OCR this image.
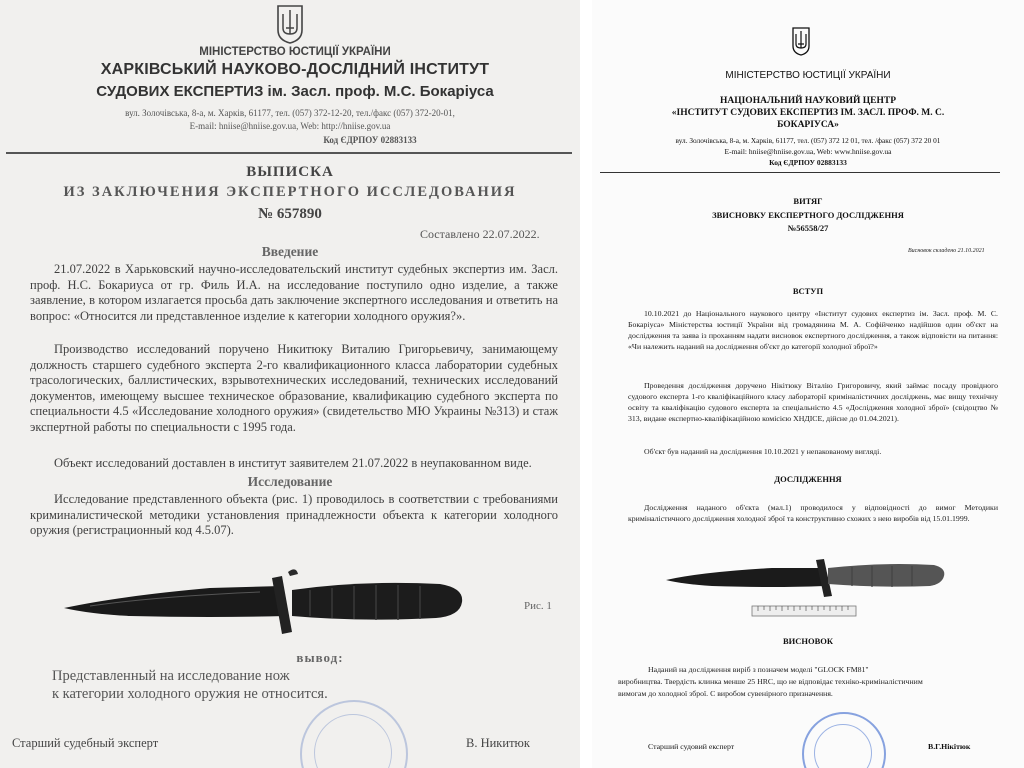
МІНІСТЕРСТВО ЮСТИЦІЇ УКРАЇНИ
ХАРКІВСЬКИЙ НАУКОВО-ДОСЛІДНИЙ ІНСТИТУТ
СУДОВИХ ЕКСПЕРТИЗ ім. Засл. проф. М.С. Бокаріуса
вул. Золочівська, 8-а, м. Харків, 61177, тел. (057) 372-12-20, тел./факс (057) 372-20-01,
E-mail: hniise@hniise.gov.ua, Web: http://hniise.gov.ua
Код ЄДРПОУ 02883133
ВЫПИСКА
ИЗ ЗАКЛЮЧЕНИЯ ЭКСПЕРТНОГО ИССЛЕДОВАНИЯ
№ 657890
Составлено 22.07.2022.
Введение
21.07.2022 в Харьковский научно-исследовательский институт судебных экспертиз им. Засл. проф. Н.С. Бокариуса от гр. Филь И.А. на исследование поступило одно изделие, а также заявление, в котором излагается просьба дать заключение экспертного исследования и ответить на вопрос: «Относится ли представленное изделие к категории холодного оружия?».
Производство исследований поручено Никитюку Виталию Григорьевичу, занимающему должность старшего судебного эксперта 2-го квалификационного класса лаборатории судебных трасологических, баллистических, взрывотехнических исследований, технических исследований документов, имеющему высшее техническое образование, квалификацию судебного эксперта по специальности 4.5 «Исследование холодного оружия» (свидетельство МЮ Украины №313) и стаж экспертной работы по специальности с 1995 года.
Объект исследований доставлен в институт заявителем 21.07.2022 в неупакованном виде.
Исследование
Исследование представленного объекта (рис. 1) проводилось в соответствии с требованиями криминалистической методики установления принадлежности объекта к категории холодного оружия (регистрационный код 4.5.07).
Рис. 1
вывод:
Представленный на исследование нож
к категории холодного оружия не относится.
Старший судебный эксперт	В. Никитюк
МІНІСТЕРСТВО ЮСТИЦІЇ УКРАЇНИ
НАЦІОНАЛЬНИЙ НАУКОВИЙ ЦЕНТР
«ІНСТИТУТ СУДОВИХ ЕКСПЕРТИЗ ІМ. ЗАСЛ. ПРОФ. М. С.
БОКАРІУСА»
вул. Золочівська, 8-а, м. Харків, 61177, тел. (057) 372 12 01, тел. /факс (057) 372 20 01
E-mail: hniise@hniise.gov.ua, Web: www.hniise.gov.ua
Код ЄДРПОУ 02883133
ВИТЯГ
ЗВИСНОВКУ ЕКСПЕРТНОГО ДОСЛІДЖЕННЯ
№56558/27
Висновок складено 21.10.2021
ВСТУП
10.10.2021 до Національного наукового центру «Інститут судових експертиз ім. Засл. проф. М. С. Бокаріуса» Міністерства юстиції України від громадянина М. А. Софійченко надійшов один об'єкт на дослідження та заява із проханням надати висновок експертного дослідження, а також відповісти на питання: «Чи належить наданий на дослідження об'єкт до категорії холодної зброї?»
Проведення дослідження доручено Нікітюку Віталію Григоровичу, який займає посаду провідного судового експерта 1-го кваліфікаційного класу лабораторії криміналістичних досліджень, має вищу технічну освіту та кваліфікацію судового експерта за спеціальністю 4.5 «Дослідження холодної зброї» (свідоцтво № 313, видане експертно-кваліфікаційною комісією ХНДІСЕ, дійсне до 01.04.2021).
Об'єкт був наданий на дослідження 10.10.2021 у непакованому вигляді.
ДОСЛІДЖЕННЯ
Дослідження наданого об'єкта (мал.1) проводилося у відповідності до вимог Методики криміналістичного дослідження холодної зброї та конструктивно схожих з нею виробів від 15.01.1999.
ВИСНОВОК
Наданий на дослідження виріб з позначем моделі "GLOCK FM81"
виробництва. Твердість клинка менше 25 HRC, що не відповідає техніко-криміналістичним
вимогам до холодної зброї. С виробом сувенірного призначення.
Старший судовий експерт	В.Г.Нікітюк
